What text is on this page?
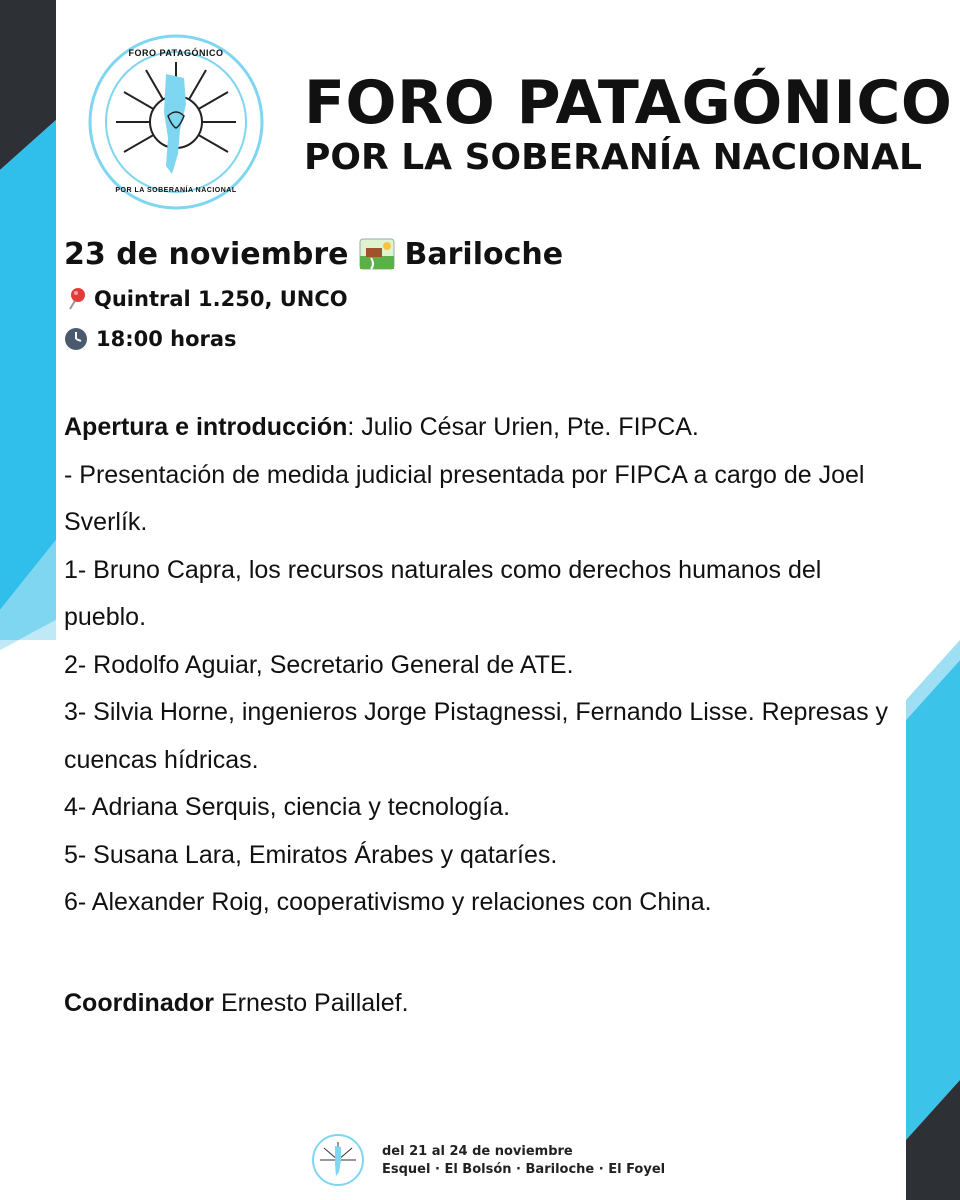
FORO PATAGÓNICO
POR LA SOBERANÍA NACIONAL
FORO PATAGÓNICO
POR LA SOBERANÍA NACIONAL
23 de noviembre Bariloche
Quintral 1.250, UNCO
18:00 horas

Apertura e introducción: Julio César Urien, Pte. FIPCA.

- Presentación de medida judicial presentada por FIPCA a cargo de Joel Sverlík.

1- Bruno Capra, los recursos naturales como derechos humanos del pueblo.

2- Rodolfo Aguiar, Secretario General de ATE.

3- Silvia Horne, ingenieros Jorge Pistagnessi, Fernando Lisse. Represas y cuencas hídricas.

4- Adriana Serquis, ciencia y tecnología.

5- Susana Lara, Emiratos Árabes y qataríes.

6- Alexander Roig, cooperativismo y relaciones con China.

Coordinador Ernesto Paillalef.
del 21 al 24 de noviembre
Esquel · El Bolsón · Bariloche · El Foyel
